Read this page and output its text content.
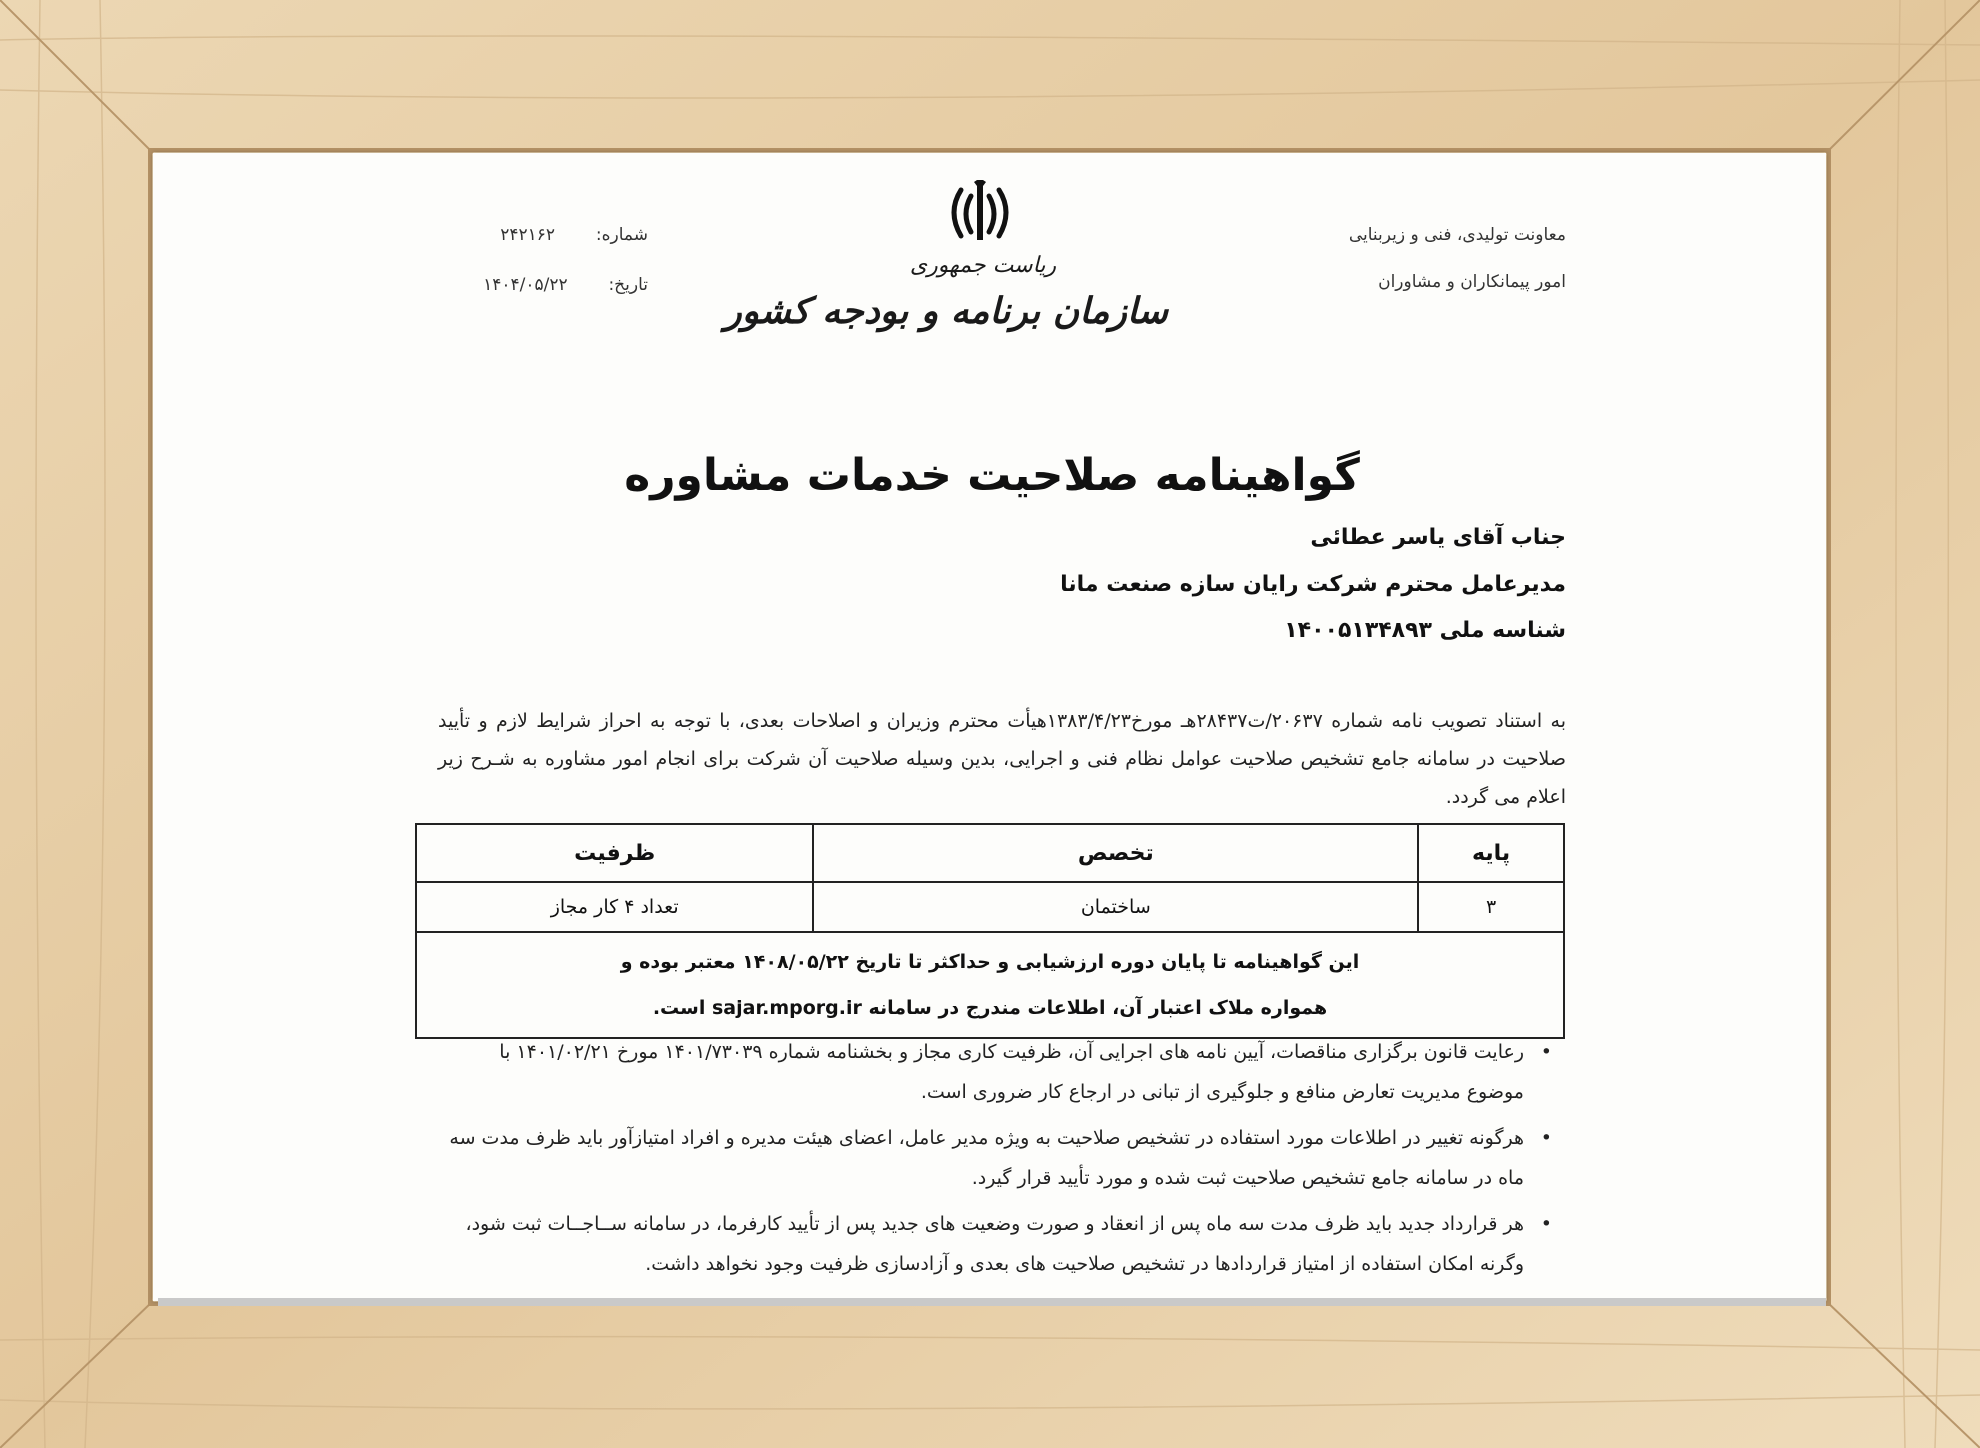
معاونت تولیدی، فنی و زیربنایی
امور پیمانکاران و مشاوران
شماره:  ۲۴۲۱۶۲
تاریخ:  ۱۴۰۴/۰۵/۲۲
ریاست جمهوری
سازمان برنامه و بودجه کشور
گواهینامه صلاحیت خدمات مشاوره
جناب آقای یاسر عطائی
مدیرعامل محترم شرکت رایان سازه صنعت مانا
شناسه ملی ۱۴۰۰۵۱۳۴۸۹۳
به استناد تصویب نامه شماره ۲۰۶۳۷/ت۲۸۴۳۷هـ مورخ۱۳۸۳/۴/۲۳هیأت محترم وزیران و اصلاحات بعدی، با توجه به احراز شرایط لازم و تأیید صلاحیت در سامانه جامع تشخیص صلاحیت عوامل نظام فنی و اجرایی، بدین وسیله صلاحیت آن شرکت برای انجام امور مشاوره به شـرح زیر اعلام می گردد.
پایه	تخصص	ظرفیت
۳	ساختمان	تعداد ۴ کار مجاز

این گواهینامه تا پایان دوره ارزشیابی و حداکثر تا تاریخ ۱۴۰۸/۰۵/۲۲ معتبر بوده و
همواره ملاک اعتبار آن، اطلاعات مندرج در سامانه sajar.mporg.ir است.		
•
رعایت قانون برگزاری مناقصات، آیین نامه های اجرایی آن، ظرفیت کاری مجاز و بخشنامه شماره ۱۴۰۱/۷۳۰۳۹ مورخ ۱۴۰۱/۰۲/۲۱ با موضوع مدیریت تعارض منافع و جلوگیری از تبانی در ارجاع کار ضروری است.
•
هرگونه تغییر در اطلاعات مورد استفاده در تشخیص صلاحیت به ویژه مدیر عامل، اعضای هیئت مدیره و افراد امتیازآور باید ظرف مدت سه ماه در سامانه جامع تشخیص صلاحیت ثبت شده و مورد تأیید قرار گیرد.
•
هر قرارداد جدید باید ظرف مدت سه ماه پس از انعقاد و صورت وضعیت های جدید پس از تأیید کارفرما، در سامانه ســاجــات ثبت شود، وگرنه امکان استفاده از امتیاز قراردادها در تشخیص صلاحیت های بعدی و آزادسازی ظرفیت وجود نخواهد داشت.
